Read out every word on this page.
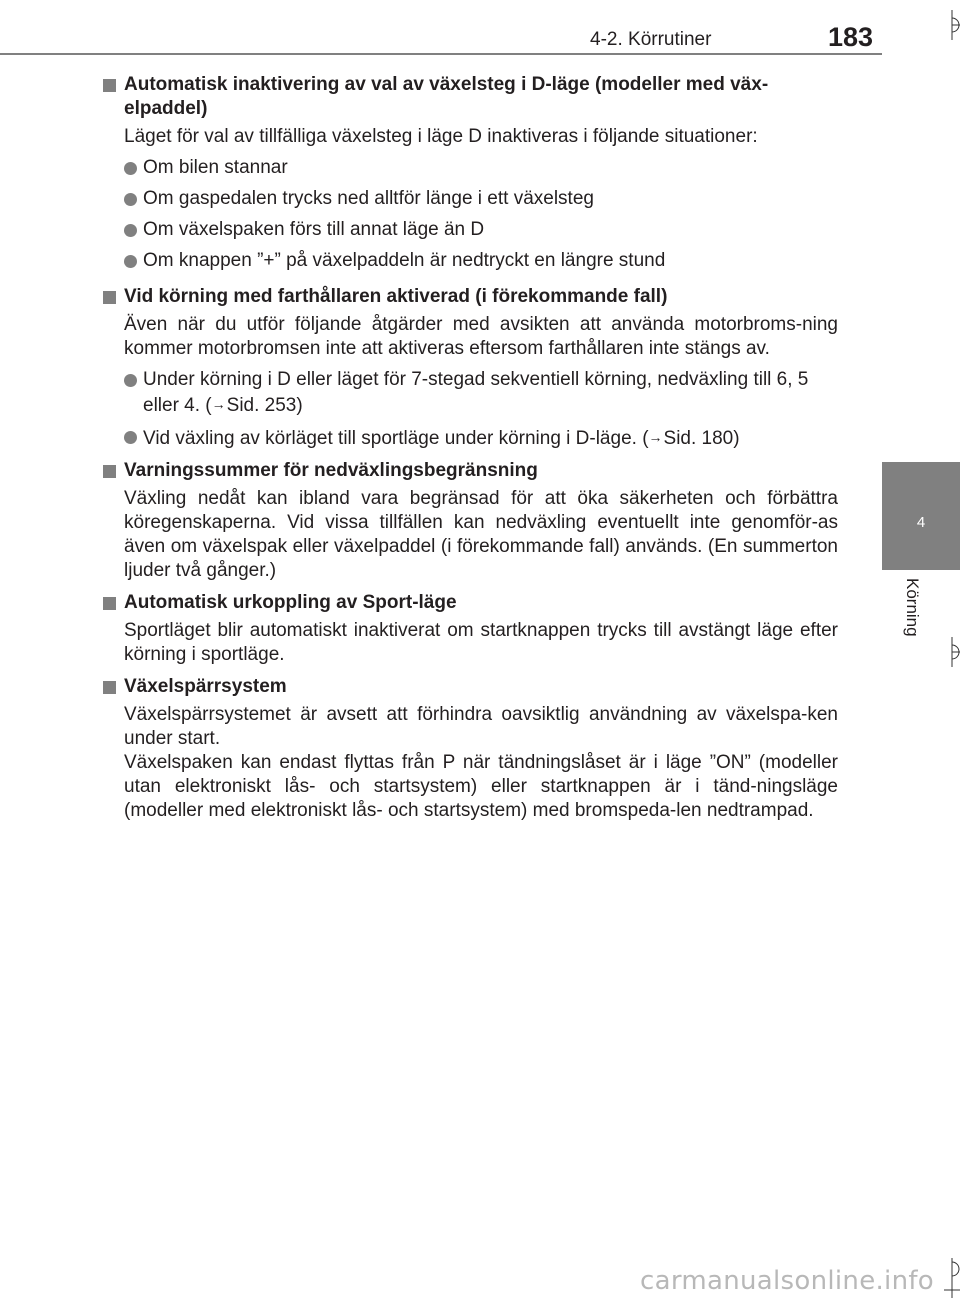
4-2. Körrutiner	183
4
Körning
Automatisk inaktivering av val av växelsteg i D-läge (modeller med väx-
elpaddel)
Läget för val av tillfälliga växelsteg i läge D inaktiveras i följande situationer:
Om bilen stannar
Om gaspedalen trycks ned alltför länge i ett växelsteg
Om växelspaken förs till annat läge än D
Om knappen ”+” på växelpaddeln är nedtryckt en längre stund
Vid körning med farthållaren aktiverad (i förekommande fall)
Även när du utför följande åtgärder med avsikten att använda motorbroms-ning kommer motorbromsen inte att aktiveras eftersom farthållaren inte stängs av.
Under körning i D eller läget för 7-stegad sekventiell körning, nedväxling till 6, 5 eller 4. (→Sid. 253)
Vid växling av körläget till sportläge under körning i D-läge. (→Sid. 180)
Varningssummer för nedväxlingsbegränsning
Växling nedåt kan ibland vara begränsad för att öka säkerheten och förbättra köregenskaperna. Vid vissa tillfällen kan nedväxling eventuellt inte genomför-as även om växelspak eller växelpaddel (i förekommande fall) används. (En summerton ljuder två gånger.)
Automatisk urkoppling av Sport-läge
Sportläget blir automatiskt inaktiverat om startknappen trycks till avstängt läge efter körning i sportläge.
Växelspärrsystem
Växelspärrsystemet är avsett att förhindra oavsiktlig användning av växelspa-ken under start.
Växelspaken kan endast flyttas från P när tändningslåset är i läge ”ON” (modeller utan elektroniskt lås- och startsystem) eller startknappen är i tänd-ningsläge (modeller med elektroniskt lås- och startsystem) med bromspeda-len nedtrampad.
carmanualsonline.info
